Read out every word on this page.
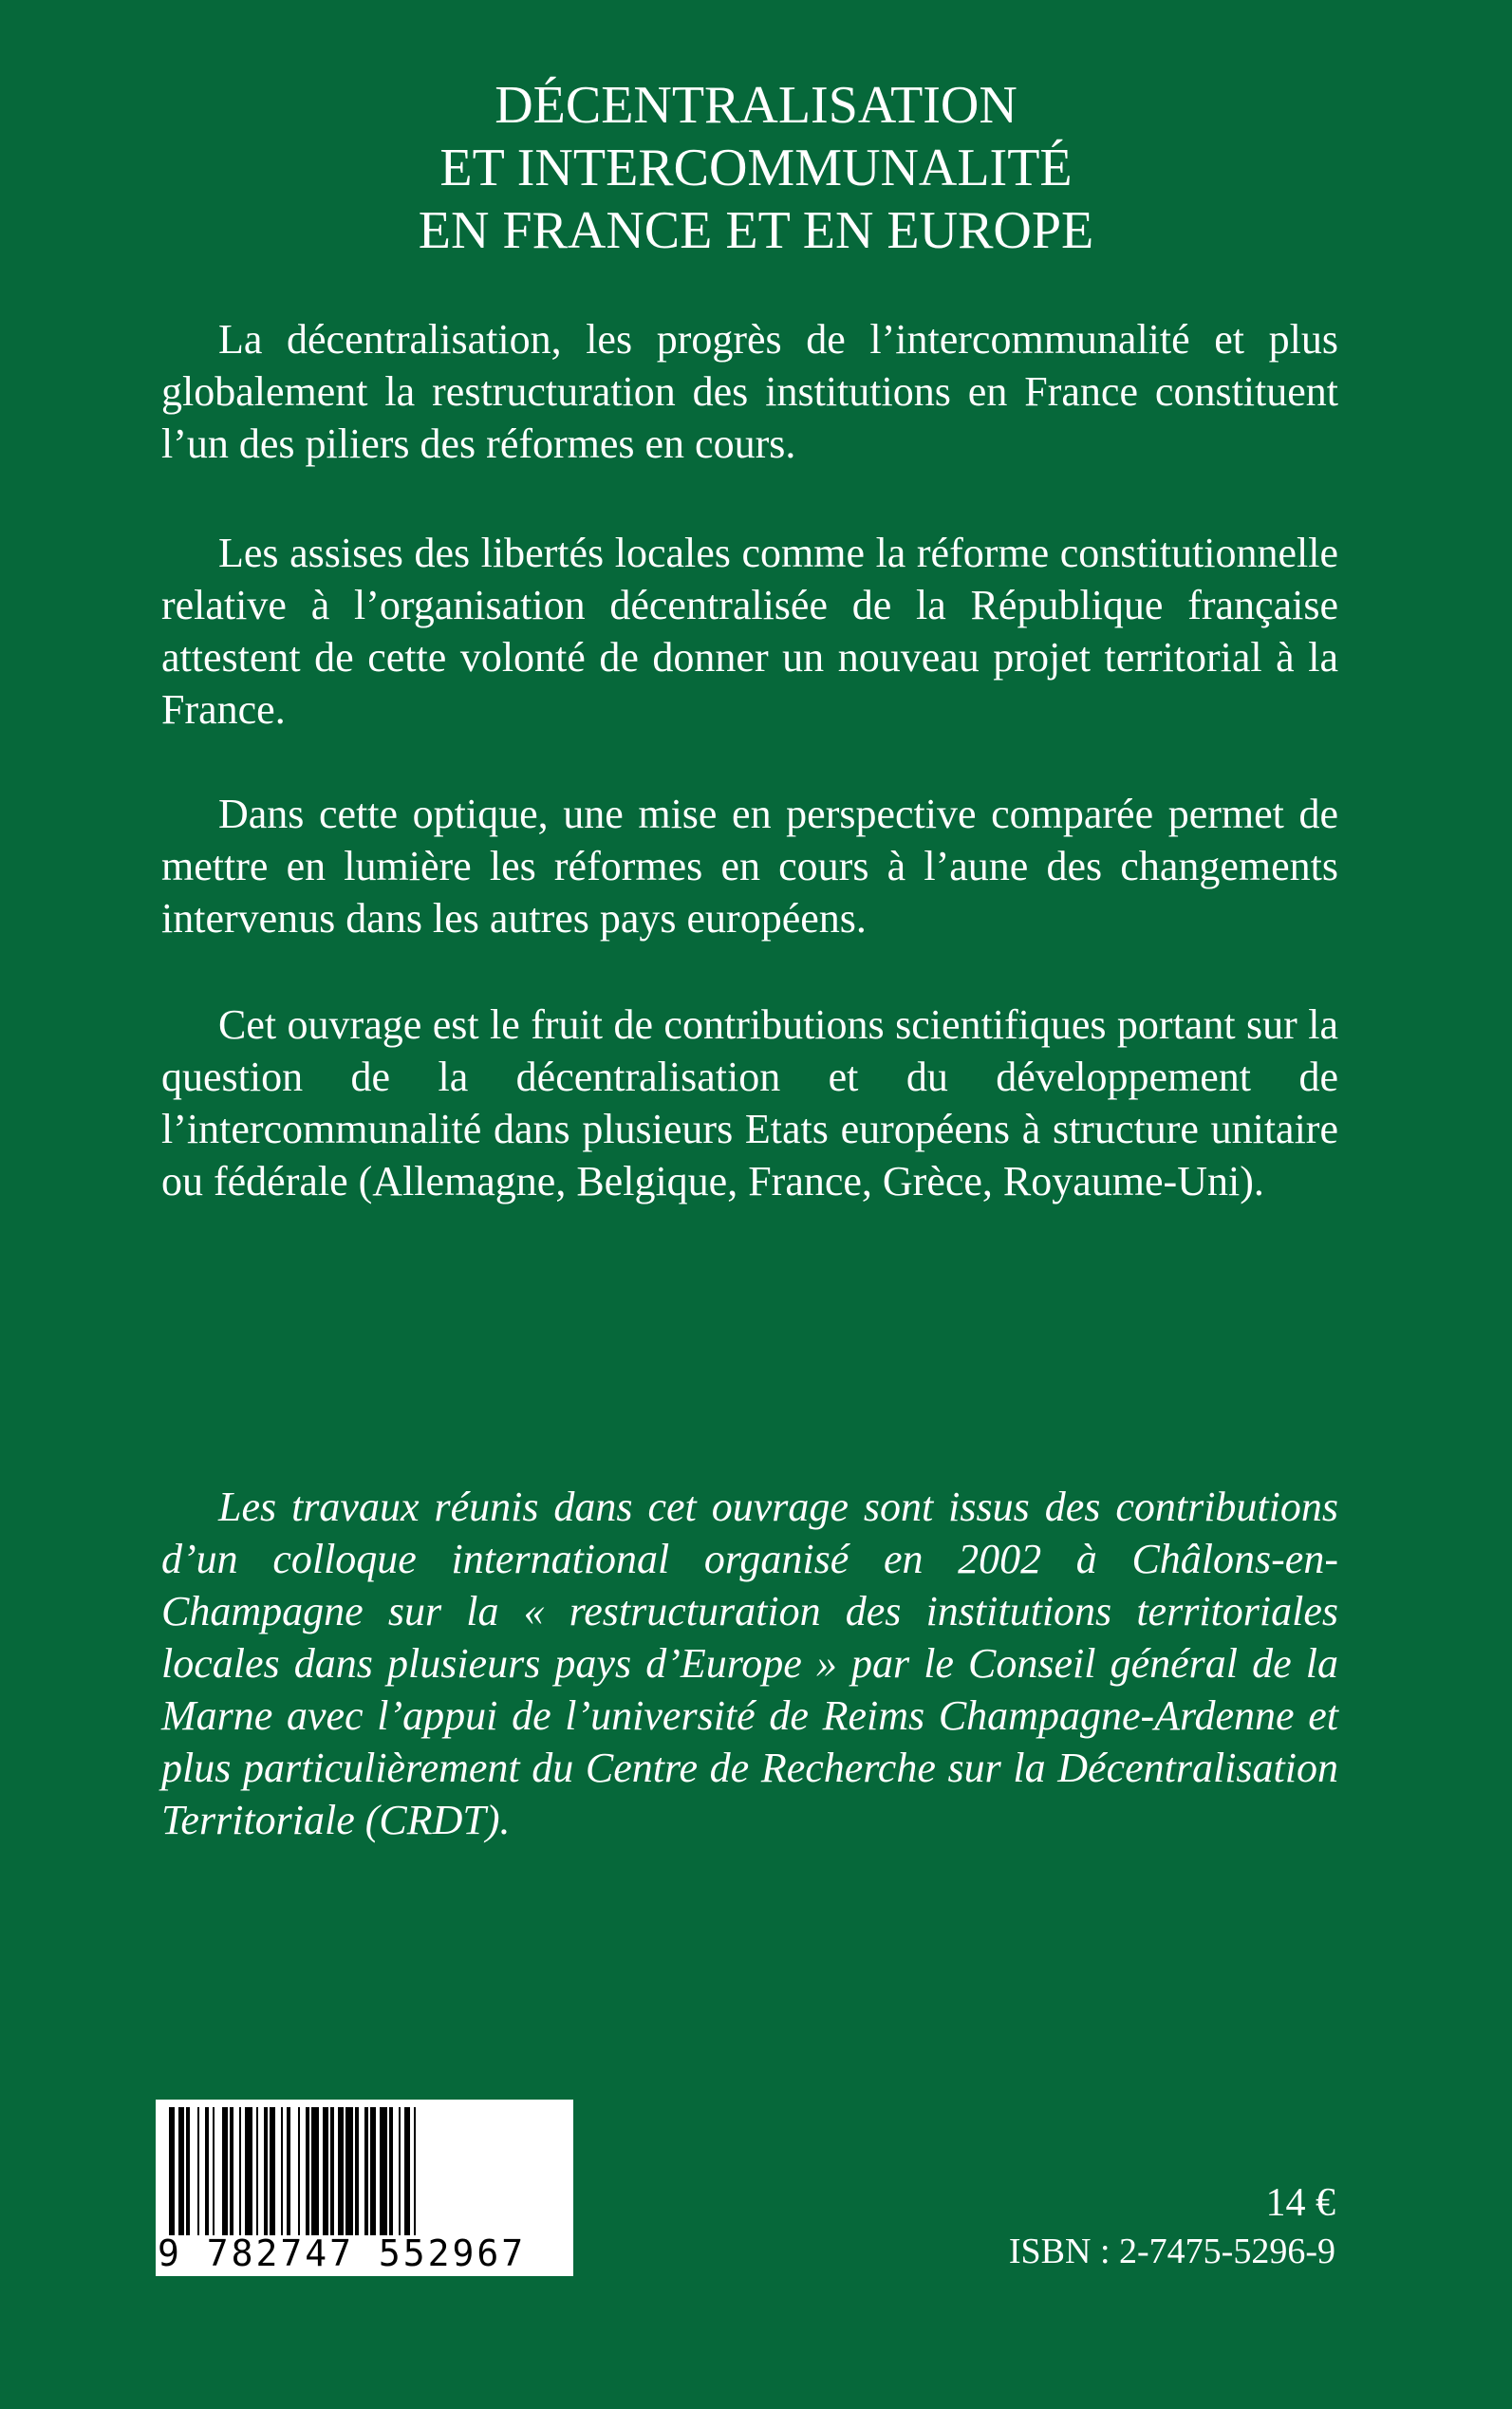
DÉCENTRALISATION
ET INTERCOMMUNALITÉ
EN FRANCE ET EN EUROPE

La décentralisation, les progrès de l’intercommunalité et plus globalement la restructuration des institutions en France constituent l’un des piliers des réformes en cours.

Les assises des libertés locales comme la réforme constitutionnelle relative à l’organisation décentralisée de la République française attestent de cette volonté de donner un nouveau projet territorial à la France.

Dans cette optique, une mise en perspective comparée permet de mettre en lumière les réformes en cours à l’aune des changements intervenus dans les autres pays européens.

Cet ouvrage est le fruit de contributions scientifiques portant sur la question de la décentralisation et du développement de l’intercommunalité dans plusieurs Etats européens à structure unitaire ou fédérale (Allemagne, Belgique, France, Grèce, Royaume-Uni).

Les travaux réunis dans cet ouvrage sont issus des contributions d’un colloque international organisé en 2002 à Châlons-en-Champagne sur la « restructuration des institutions territoriales locales dans plusieurs pays d’Europe » par le Conseil général de la Marne avec l’appui de l’université de Reims Champagne-Ardenne et plus particulièrement du Centre de Recherche sur la Décentralisation Territoriale (CRDT).

9 782747 552967
14 €
ISBN : 2-7475-5296-9
